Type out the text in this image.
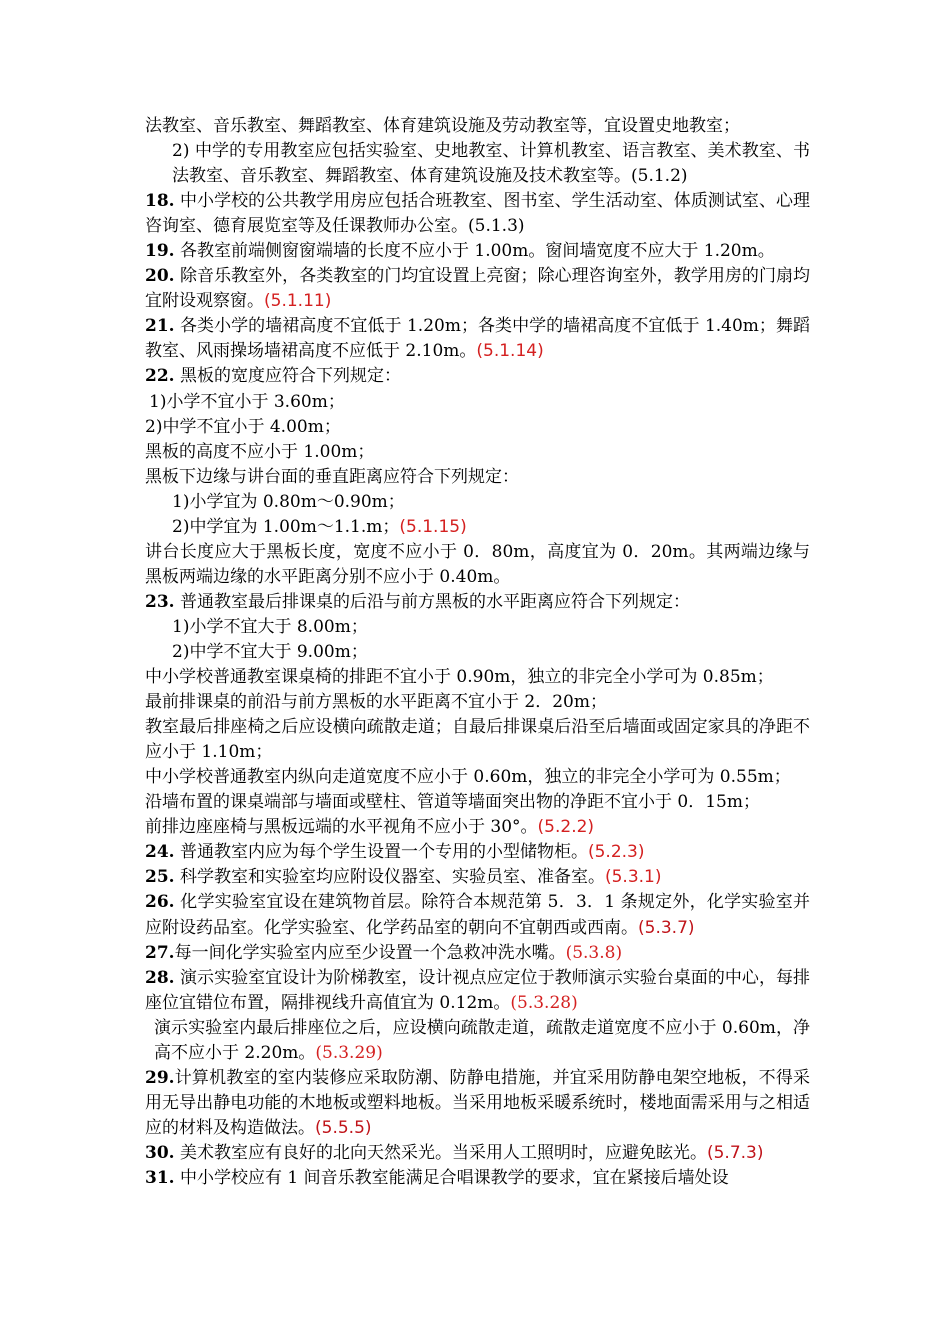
法教室、音乐教室、舞蹈教室、体育建筑设施及劳动教室等，宜设置史地教室；

2) 中学的专用教室应包括实验室、史地教室、计算机教室、语言教室、美术教室、书法教室、音乐教室、舞蹈教室、体育建筑设施及技术教室等。(5.1.2)

18. 中小学校的公共教学用房应包括合班教室、图书室、学生活动室、体质测试室、心理咨询室、德育展览室等及任课教师办公室。(5.1.3)

19. 各教室前端侧窗窗端墙的长度不应小于 1.00m。窗间墙宽度不应大于 1.20m。

20. 除音乐教室外，各类教室的门均宜设置上亮窗；除心理咨询室外，教学用房的门扇均宜附设观察窗。(5.1.11)

21. 各类小学的墙裙高度不宜低于 1.20m；各类中学的墙裙高度不宜低于 1.40m；舞蹈教室、风雨操场墙裙高度不应低于 2.10m。(5.1.14)

22. 黑板的宽度应符合下列规定：

1)小学不宜小于 3.60m；

2)中学不宜小于 4.00m；

黑板的高度不应小于 1.00m；

黑板下边缘与讲台面的垂直距离应符合下列规定：

1)小学宜为 0.80m～0.90m；

2)中学宜为 1.00m～1.1.m；(5.1.15)

讲台长度应大于黑板长度，宽度不应小于 0．80m，高度宜为 0．20m。其两端边缘与黑板两端边缘的水平距离分别不应小于 0.40m。

23. 普通教室最后排课桌的后沿与前方黑板的水平距离应符合下列规定：

1)小学不宜大于 8.00m；

2)中学不宜大于 9.00m；

中小学校普通教室课桌椅的排距不宜小于 0.90m，独立的非完全小学可为 0.85m；

最前排课桌的前沿与前方黑板的水平距离不宜小于 2．20m；

教室最后排座椅之后应设横向疏散走道；自最后排课桌后沿至后墙面或固定家具的净距不应小于 1.10m；

中小学校普通教室内纵向走道宽度不应小于 0.60m，独立的非完全小学可为 0.55m；

沿墙布置的课桌端部与墙面或壁柱、管道等墙面突出物的净距不宜小于 0．15m；

前排边座座椅与黑板远端的水平视角不应小于 30°。(5.2.2)

24. 普通教室内应为每个学生设置一个专用的小型储物柜。(5.2.3)

25. 科学教室和实验室均应附设仪器室、实验员室、准备室。(5.3.1)

26. 化学实验室宜设在建筑物首层。除符合本规范第 5．3．1 条规定外，化学实验室并应附设药品室。化学实验室、化学药品室的朝向不宜朝西或西南。(5.3.7)

27.每一间化学实验室内应至少设置一个急救冲洗水嘴。(5.3.8)

28. 演示实验室宜设计为阶梯教室，设计视点应定位于教师演示实验台桌面的中心，每排座位宜错位布置，隔排视线升高值宜为 0.12m。(5.3.28)

演示实验室内最后排座位之后，应设横向疏散走道，疏散走道宽度不应小于 0.60m，净高不应小于 2.20m。(5.3.29)

29.计算机教室的室内装修应采取防潮、防静电措施，并宜采用防静电架空地板，不得采用无导出静电功能的木地板或塑料地板。当采用地板采暖系统时，楼地面需采用与之相适应的材料及构造做法。(5.5.5)

30. 美术教室应有良好的北向天然采光。当采用人工照明时，应避免眩光。(5.7.3)

31. 中小学校应有 1 间音乐教室能满足合唱课教学的要求，宜在紧接后墙处设
